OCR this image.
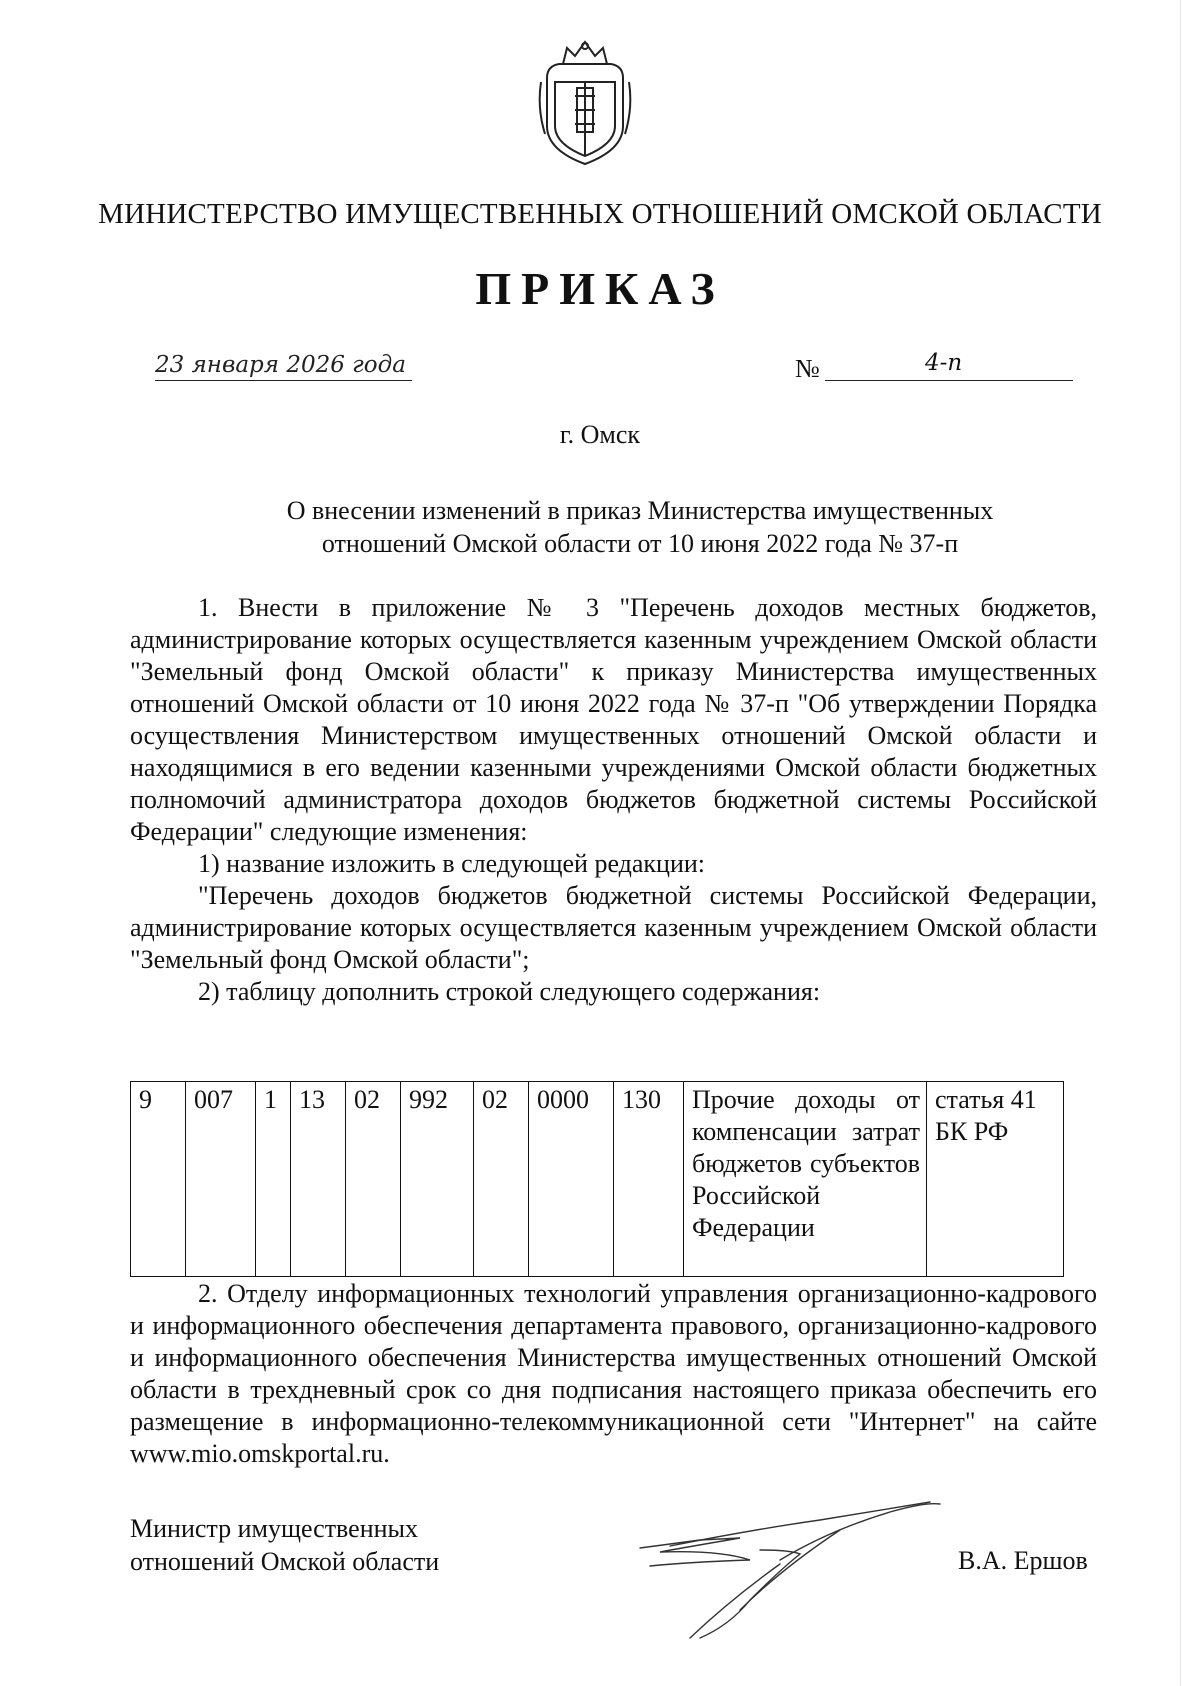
МИНИСТЕРСТВО ИМУЩЕСТВЕННЫХ ОТНОШЕНИЙ ОМСКОЙ ОБЛАСТИ
ПРИКАЗ
23 января 2026 года	№	4-п
г. Омск
О внесении изменений в приказ Министерства имущественных
отношений Омской области от 10 июня 2022 года № 37-п

1. Внести в приложение № 3 "Перечень доходов местных бюджетов, администрирование которых осуществляется казенным учреждением Омской области "Земельный фонд Омской области" к приказу Министерства имущественных отношений Омской области от 10 июня 2022 года № 37-п "Об утверждении Порядка осуществления Министерством имущественных отношений Омской области и находящимися в его ведении казенными учреждениями Омской области бюджетных полномочий администратора доходов бюджетов бюджетной системы Российской Федерации" следующие изменения:

1) название изложить в следующей редакции:

"Перечень доходов бюджетов бюджетной системы Российской Федерации, администрирование которых осуществляется казенным учреждением Омской области "Земельный фонд Омской области";

2) таблицу дополнить строкой следующего содержания:

9	007	1	13	02	992	02	0000	130	Прочие доходы от компенсации затрат бюджетов субъектов Российской Федерации	статья 41 БК РФ

2. Отделу информационных технологий управления организационно-кадрового и информационного обеспечения департамента правового, организационно-кадрового и информационного обеспечения Министерства имущественных отношений Омской области в трехдневный срок со дня подписания настоящего приказа обеспечить его размещение в информационно-телекоммуникационной сети "Интернет" на сайте www.mio.omskportal.ru.

Министр имущественных
отношений Омской области	В.А. Ершов
